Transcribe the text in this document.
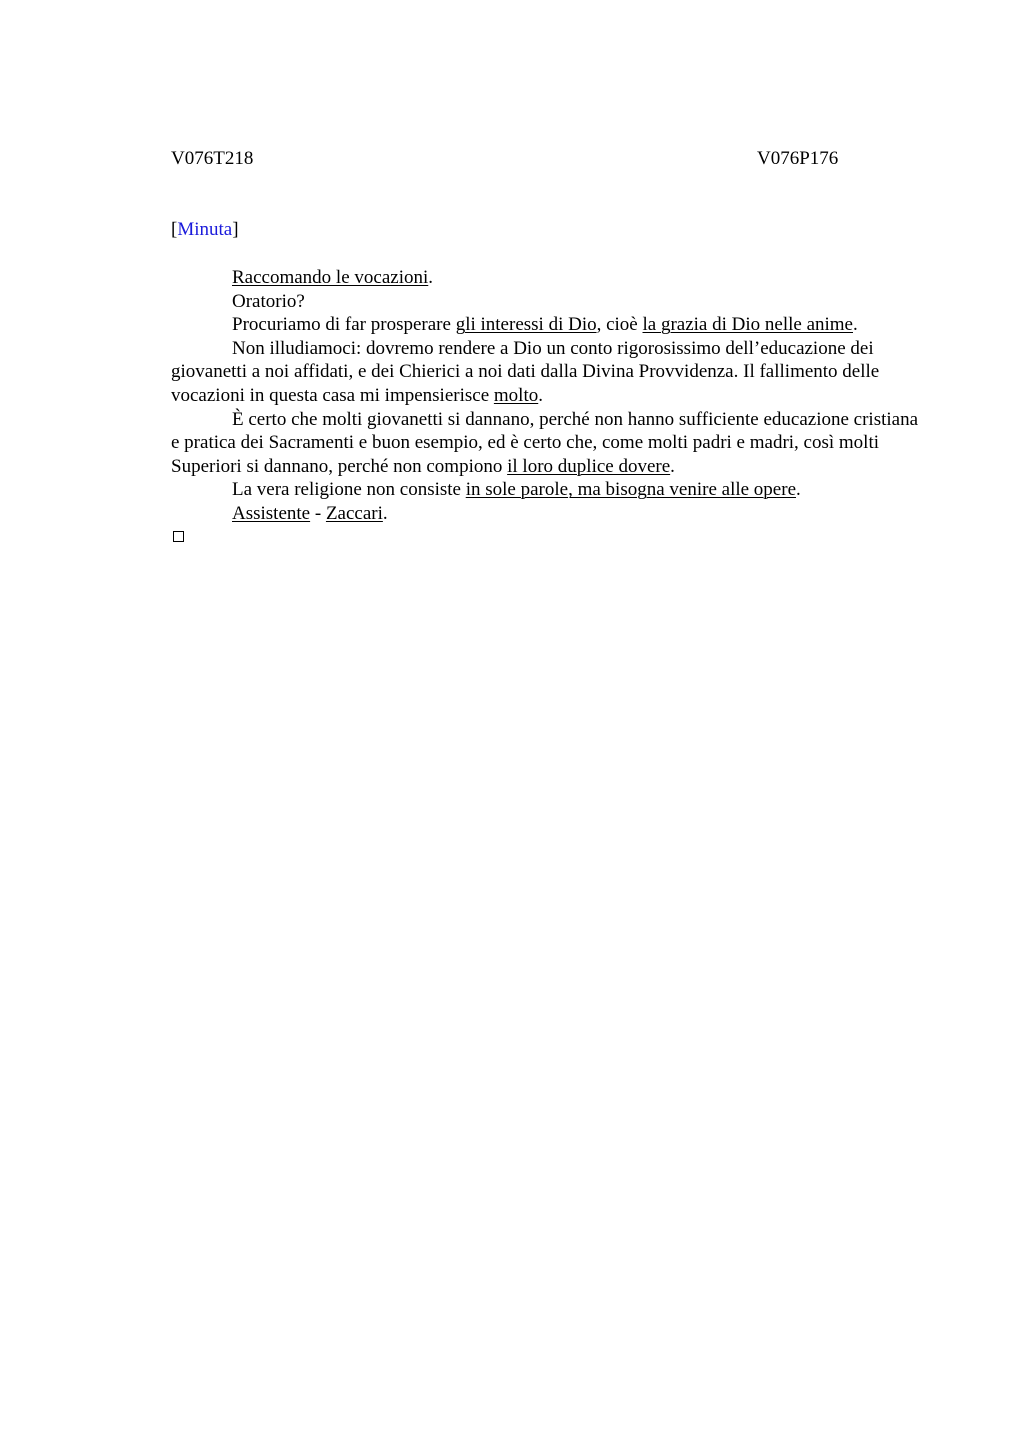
V076T218	V076P176
[Minuta]

Raccomando le vocazioni.

Oratorio?

Procuriamo di far prosperare gli interessi di Dio, cioè la grazia di Dio nelle anime.

Non illudiamoci: dovremo rendere a Dio un conto rigorosissimo dell’educazione dei giovanetti a noi affidati, e dei Chierici a noi dati dalla Divina Provvidenza. Il fallimento delle vocazioni in questa casa mi impensierisce molto.

È certo che molti giovanetti si dannano, perché non hanno sufficiente educazione cristiana e pratica dei Sacramenti e buon esempio, ed è certo che, come molti padri e madri, così molti Superiori si dannano, perché non compiono il loro duplice dovere.

La vera religione non consiste in sole parole, ma bisogna venire alle opere.

Assistente - Zaccari.
